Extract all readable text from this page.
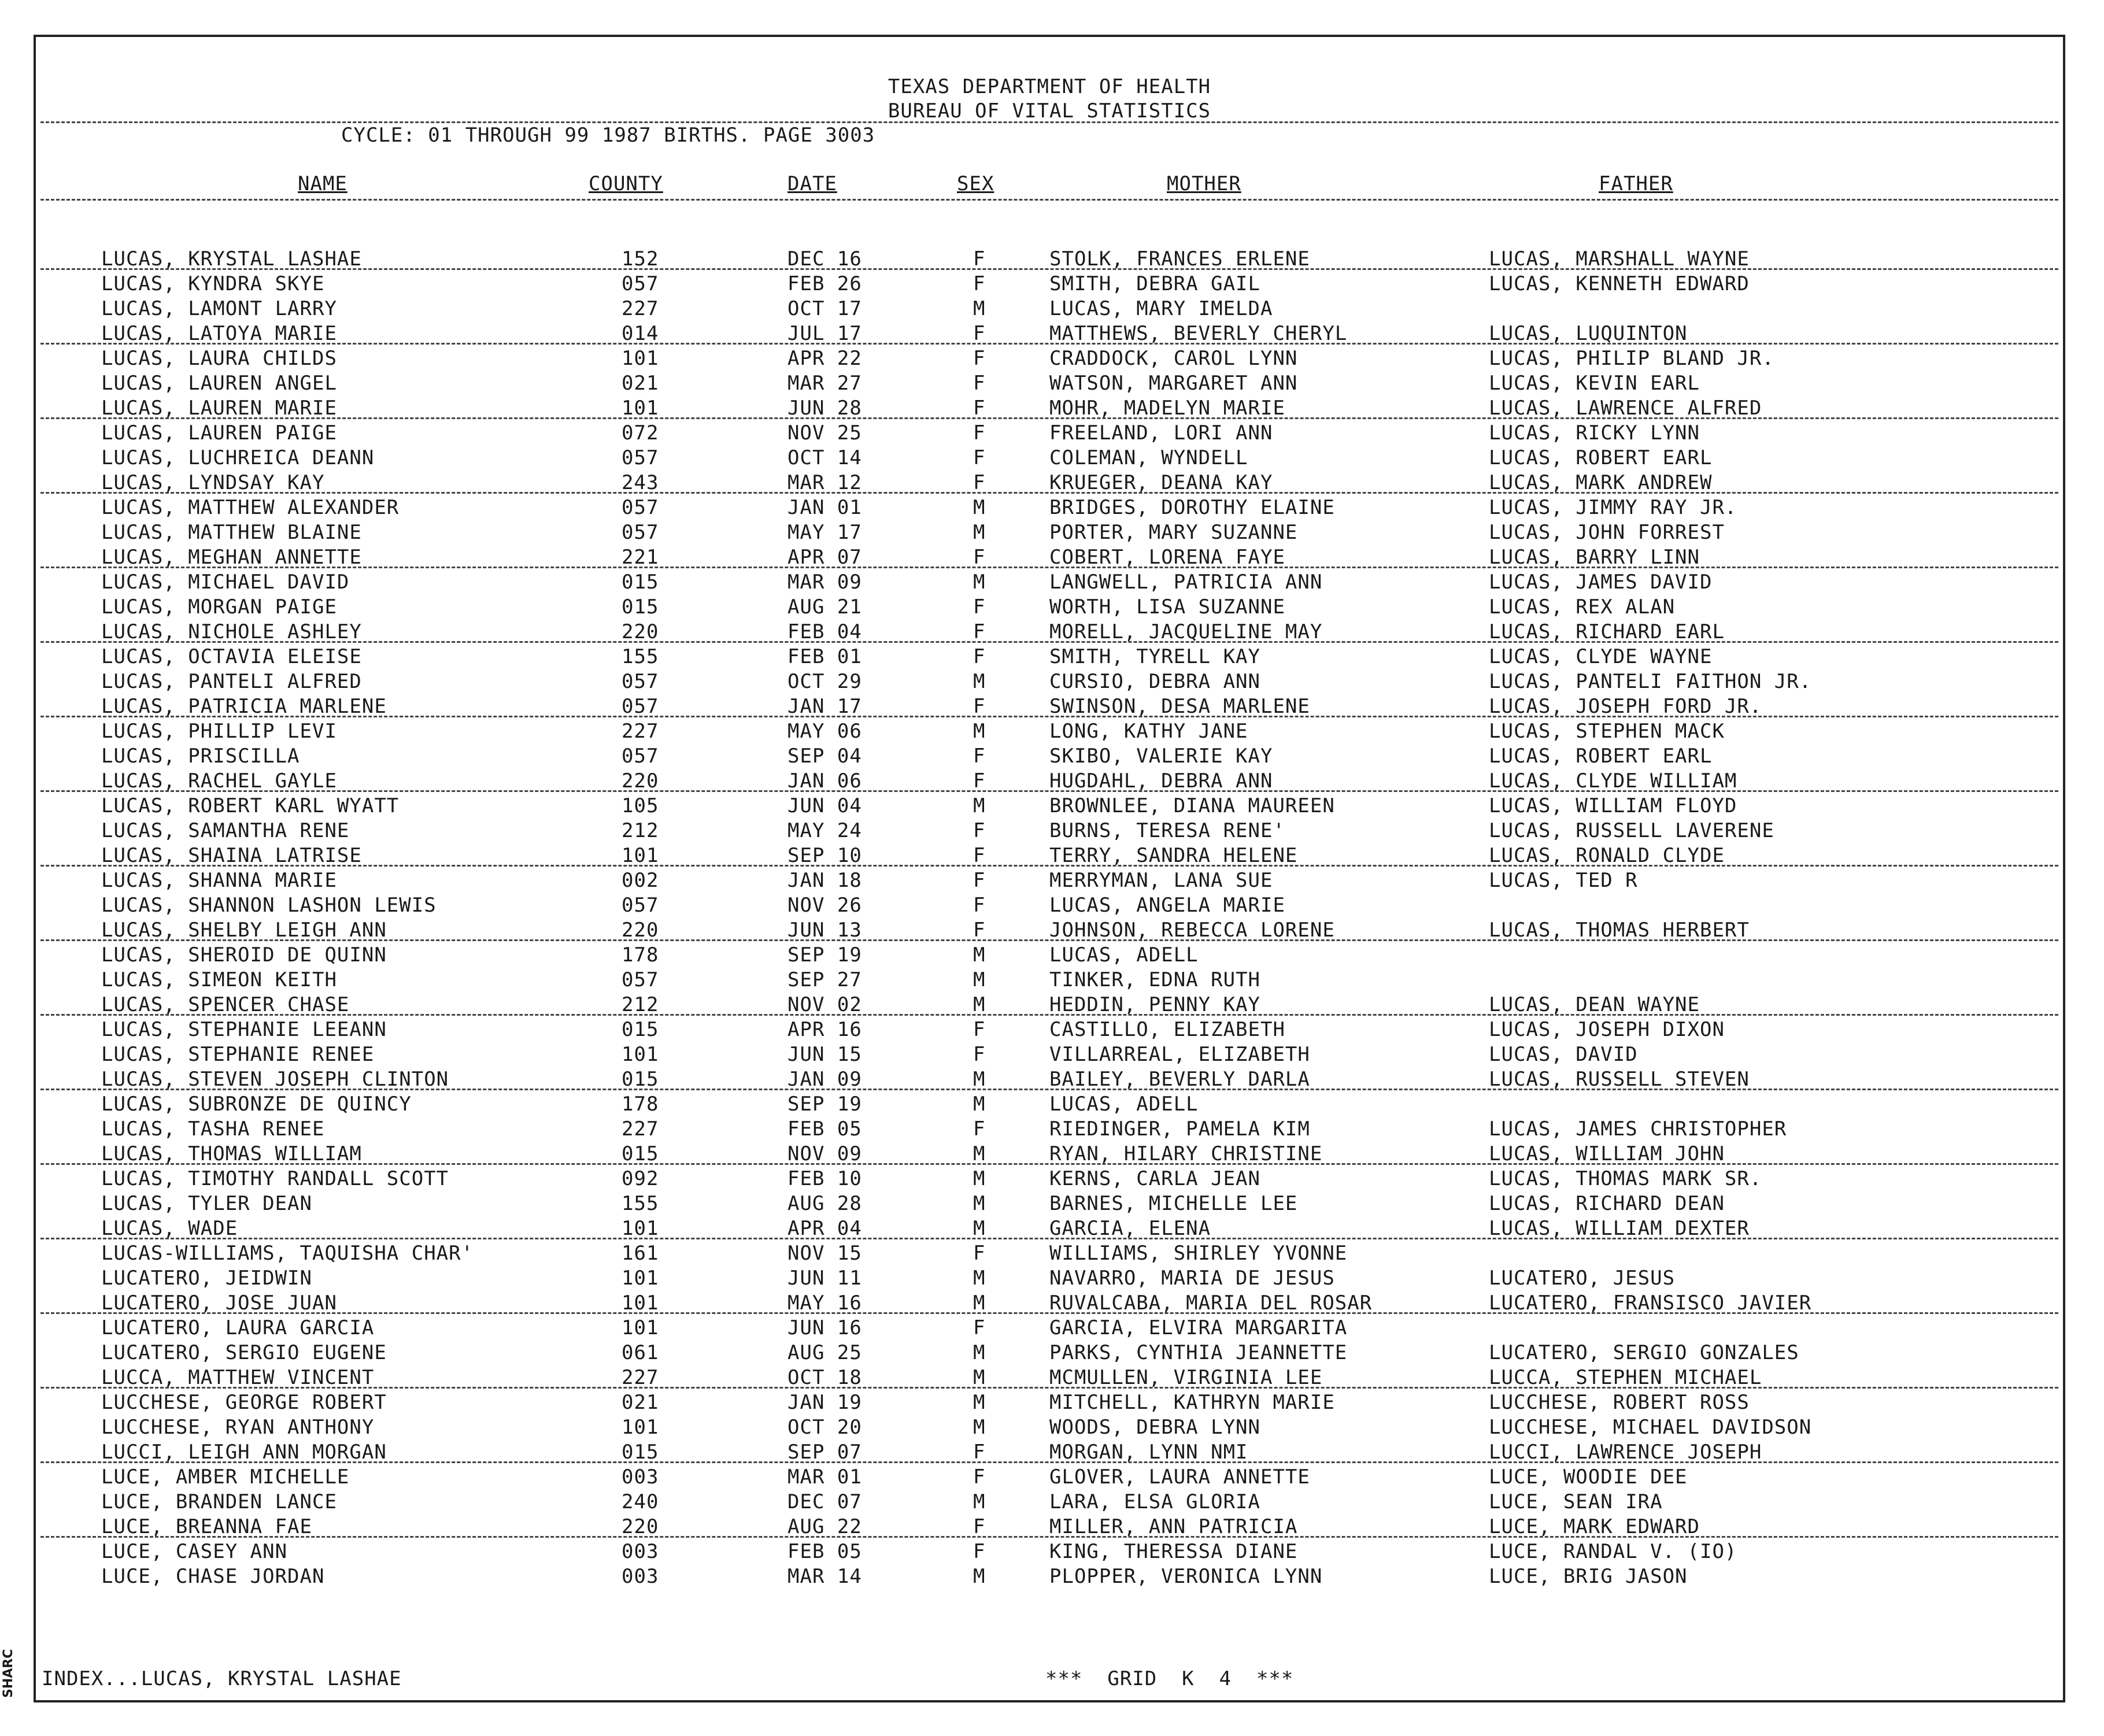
TEXAS DEPARTMENT OF HEALTH
BUREAU OF VITAL STATISTICS
CYCLE: 01 THROUGH 99 1987 BIRTHS. PAGE 3003
NAME	COUNTY	DATE	SEX	MOTHER	FATHER
LUCAS, KRYSTAL LASHAE	152	DEC 16	F	STOLK, FRANCES ERLENE	LUCAS, MARSHALL WAYNE
LUCAS, KYNDRA SKYE	057	FEB 26	F	SMITH, DEBRA GAIL	LUCAS, KENNETH EDWARD
LUCAS, LAMONT LARRY	227	OCT 17	M	LUCAS, MARY IMELDA
LUCAS, LATOYA MARIE	014	JUL 17	F	MATTHEWS, BEVERLY CHERYL	LUCAS, LUQUINTON
LUCAS, LAURA CHILDS	101	APR 22	F	CRADDOCK, CAROL LYNN	LUCAS, PHILIP BLAND JR.
LUCAS, LAUREN ANGEL	021	MAR 27	F	WATSON, MARGARET ANN	LUCAS, KEVIN EARL
LUCAS, LAUREN MARIE	101	JUN 28	F	MOHR, MADELYN MARIE	LUCAS, LAWRENCE ALFRED
LUCAS, LAUREN PAIGE	072	NOV 25	F	FREELAND, LORI ANN	LUCAS, RICKY LYNN
LUCAS, LUCHREICA DEANN	057	OCT 14	F	COLEMAN, WYNDELL	LUCAS, ROBERT EARL
LUCAS, LYNDSAY KAY	243	MAR 12	F	KRUEGER, DEANA KAY	LUCAS, MARK ANDREW
LUCAS, MATTHEW ALEXANDER	057	JAN 01	M	BRIDGES, DOROTHY ELAINE	LUCAS, JIMMY RAY JR.
LUCAS, MATTHEW BLAINE	057	MAY 17	M	PORTER, MARY SUZANNE	LUCAS, JOHN FORREST
LUCAS, MEGHAN ANNETTE	221	APR 07	F	COBERT, LORENA FAYE	LUCAS, BARRY LINN
LUCAS, MICHAEL DAVID	015	MAR 09	M	LANGWELL, PATRICIA ANN	LUCAS, JAMES DAVID
LUCAS, MORGAN PAIGE	015	AUG 21	F	WORTH, LISA SUZANNE	LUCAS, REX ALAN
LUCAS, NICHOLE ASHLEY	220	FEB 04	F	MORELL, JACQUELINE MAY	LUCAS, RICHARD EARL
LUCAS, OCTAVIA ELEISE	155	FEB 01	F	SMITH, TYRELL KAY	LUCAS, CLYDE WAYNE
LUCAS, PANTELI ALFRED	057	OCT 29	M	CURSIO, DEBRA ANN	LUCAS, PANTELI FAITHON JR.
LUCAS, PATRICIA MARLENE	057	JAN 17	F	SWINSON, DESA MARLENE	LUCAS, JOSEPH FORD JR.
LUCAS, PHILLIP LEVI	227	MAY 06	M	LONG, KATHY JANE	LUCAS, STEPHEN MACK
LUCAS, PRISCILLA	057	SEP 04	F	SKIBO, VALERIE KAY	LUCAS, ROBERT EARL
LUCAS, RACHEL GAYLE	220	JAN 06	F	HUGDAHL, DEBRA ANN	LUCAS, CLYDE WILLIAM
LUCAS, ROBERT KARL WYATT	105	JUN 04	M	BROWNLEE, DIANA MAUREEN	LUCAS, WILLIAM FLOYD
LUCAS, SAMANTHA RENE	212	MAY 24	F	BURNS, TERESA RENE'	LUCAS, RUSSELL LAVERENE
LUCAS, SHAINA LATRISE	101	SEP 10	F	TERRY, SANDRA HELENE	LUCAS, RONALD CLYDE
LUCAS, SHANNA MARIE	002	JAN 18	F	MERRYMAN, LANA SUE	LUCAS, TED R
LUCAS, SHANNON LASHON LEWIS	057	NOV 26	F	LUCAS, ANGELA MARIE
LUCAS, SHELBY LEIGH ANN	220	JUN 13	F	JOHNSON, REBECCA LORENE	LUCAS, THOMAS HERBERT
LUCAS, SHEROID DE QUINN	178	SEP 19	M	LUCAS, ADELL
LUCAS, SIMEON KEITH	057	SEP 27	M	TINKER, EDNA RUTH
LUCAS, SPENCER CHASE	212	NOV 02	M	HEDDIN, PENNY KAY	LUCAS, DEAN WAYNE
LUCAS, STEPHANIE LEEANN	015	APR 16	F	CASTILLO, ELIZABETH	LUCAS, JOSEPH DIXON
LUCAS, STEPHANIE RENEE	101	JUN 15	F	VILLARREAL, ELIZABETH	LUCAS, DAVID
LUCAS, STEVEN JOSEPH CLINTON	015	JAN 09	M	BAILEY, BEVERLY DARLA	LUCAS, RUSSELL STEVEN
LUCAS, SUBRONZE DE QUINCY	178	SEP 19	M	LUCAS, ADELL
LUCAS, TASHA RENEE	227	FEB 05	F	RIEDINGER, PAMELA KIM	LUCAS, JAMES CHRISTOPHER
LUCAS, THOMAS WILLIAM	015	NOV 09	M	RYAN, HILARY CHRISTINE	LUCAS, WILLIAM JOHN
LUCAS, TIMOTHY RANDALL SCOTT	092	FEB 10	M	KERNS, CARLA JEAN	LUCAS, THOMAS MARK SR.
LUCAS, TYLER DEAN	155	AUG 28	M	BARNES, MICHELLE LEE	LUCAS, RICHARD DEAN
LUCAS, WADE	101	APR 04	M	GARCIA, ELENA	LUCAS, WILLIAM DEXTER
LUCAS-WILLIAMS, TAQUISHA CHAR'	161	NOV 15	F	WILLIAMS, SHIRLEY YVONNE
LUCATERO, JEIDWIN	101	JUN 11	M	NAVARRO, MARIA DE JESUS	LUCATERO, JESUS
LUCATERO, JOSE JUAN	101	MAY 16	M	RUVALCABA, MARIA DEL ROSAR	LUCATERO, FRANSISCO JAVIER
LUCATERO, LAURA GARCIA	101	JUN 16	F	GARCIA, ELVIRA MARGARITA
LUCATERO, SERGIO EUGENE	061	AUG 25	M	PARKS, CYNTHIA JEANNETTE	LUCATERO, SERGIO GONZALES
LUCCA, MATTHEW VINCENT	227	OCT 18	M	MCMULLEN, VIRGINIA LEE	LUCCA, STEPHEN MICHAEL
LUCCHESE, GEORGE ROBERT	021	JAN 19	M	MITCHELL, KATHRYN MARIE	LUCCHESE, ROBERT ROSS
LUCCHESE, RYAN ANTHONY	101	OCT 20	M	WOODS, DEBRA LYNN	LUCCHESE, MICHAEL DAVIDSON
LUCCI, LEIGH ANN MORGAN	015	SEP 07	F	MORGAN, LYNN NMI	LUCCI, LAWRENCE JOSEPH
LUCE, AMBER MICHELLE	003	MAR 01	F	GLOVER, LAURA ANNETTE	LUCE, WOODIE DEE
LUCE, BRANDEN LANCE	240	DEC 07	M	LARA, ELSA GLORIA	LUCE, SEAN IRA
LUCE, BREANNA FAE	220	AUG 22	F	MILLER, ANN PATRICIA	LUCE, MARK EDWARD
LUCE, CASEY ANN	003	FEB 05	F	KING, THERESSA DIANE	LUCE, RANDAL V. (IO)
LUCE, CHASE JORDAN	003	MAR 14	M	PLOPPER, VERONICA LYNN	LUCE, BRIG JASON
INDEX...LUCAS, KRYSTAL LASHAE	***  GRID  K  4  ***
SHARC
